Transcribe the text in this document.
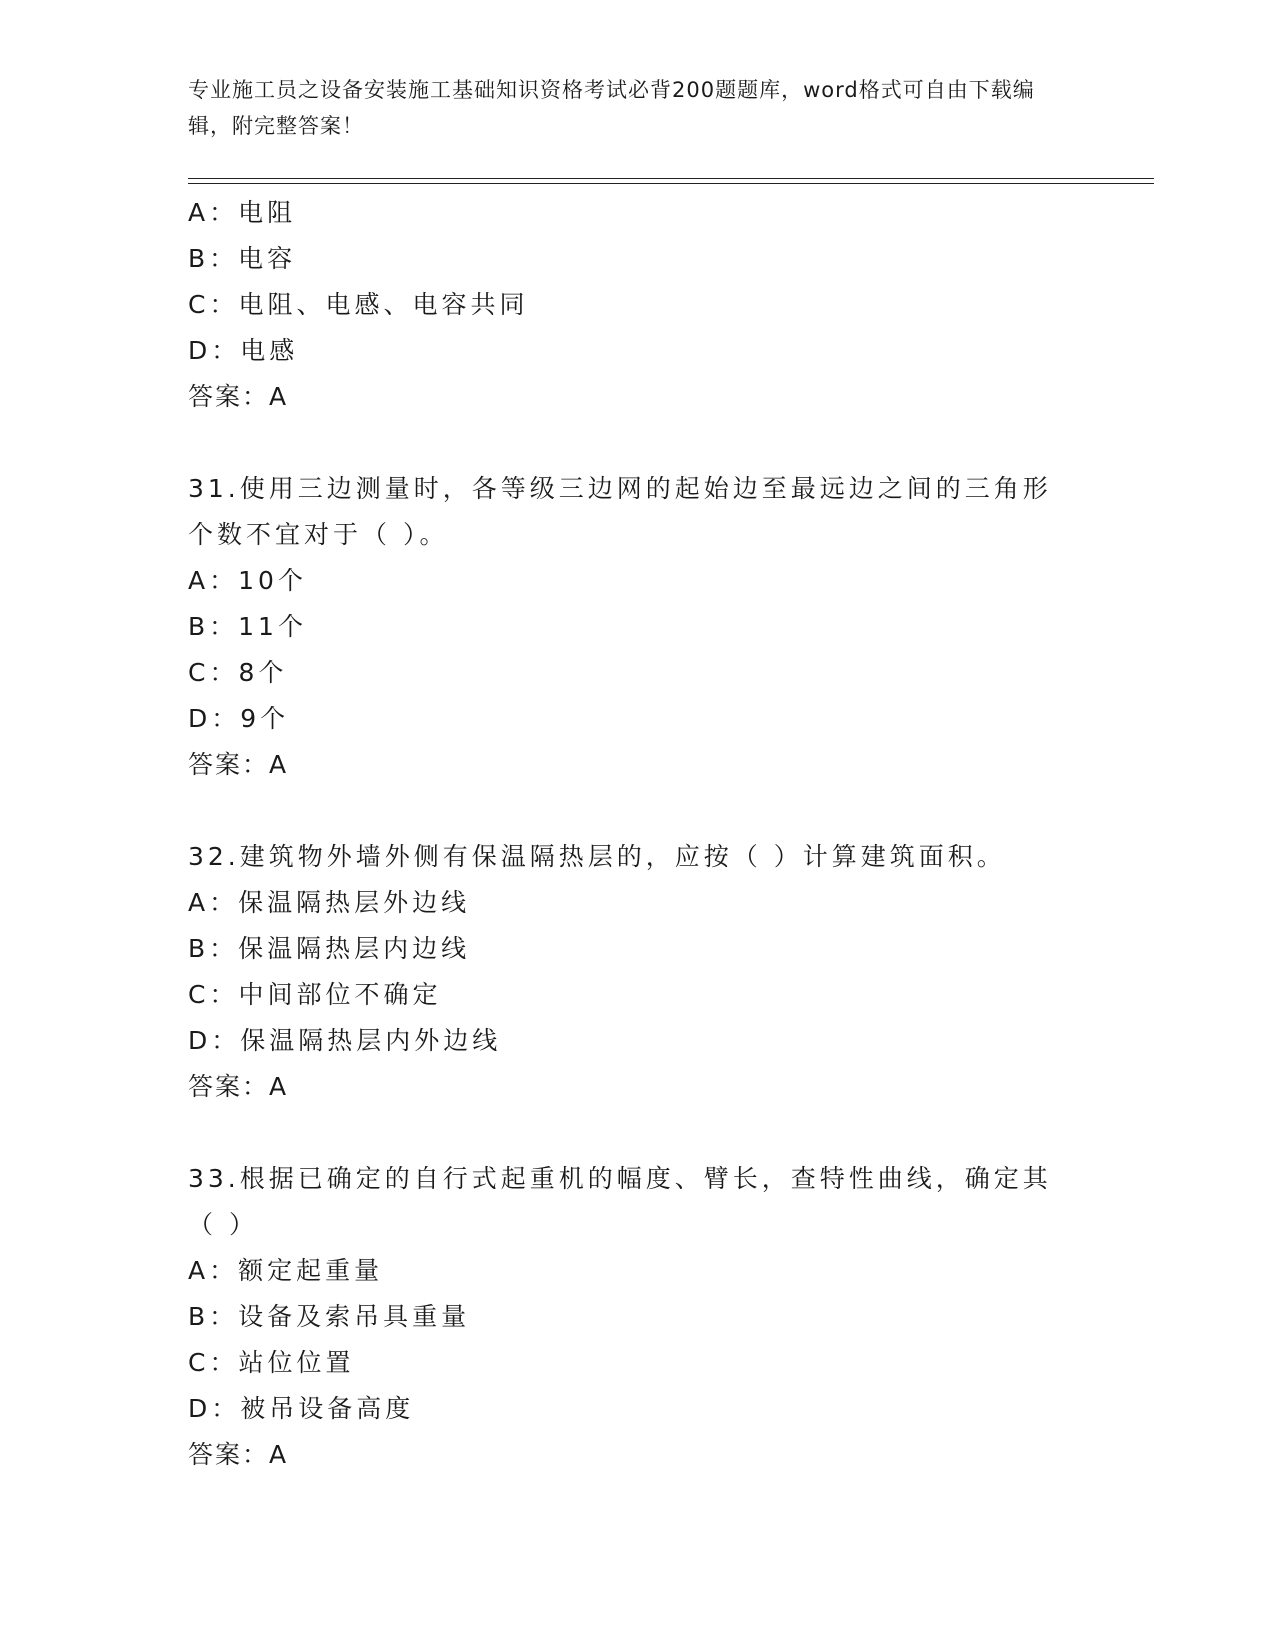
专业施工员之设备安装施工基础知识资格考试必背200题题库，word格式可自由下载编辑，附完整答案！
A：电阻
B：电容
C：电阻、电感、电容共同
D：电感
答案：A
31.使用三边测量时，各等级三边网的起始边至最远边之间的三角形个数不宜对于（ ）。
A：10个
B：11个
C：8个
D：9个
答案：A
32.建筑物外墙外侧有保温隔热层的，应按（ ）计算建筑面积。
A：保温隔热层外边线
B：保温隔热层内边线
C：中间部位不确定
D：保温隔热层内外边线
答案：A
33.根据已确定的自行式起重机的幅度、臂长，查特性曲线，确定其（ ）
A：额定起重量
B：设备及索吊具重量
C：站位位置
D：被吊设备高度
答案：A
